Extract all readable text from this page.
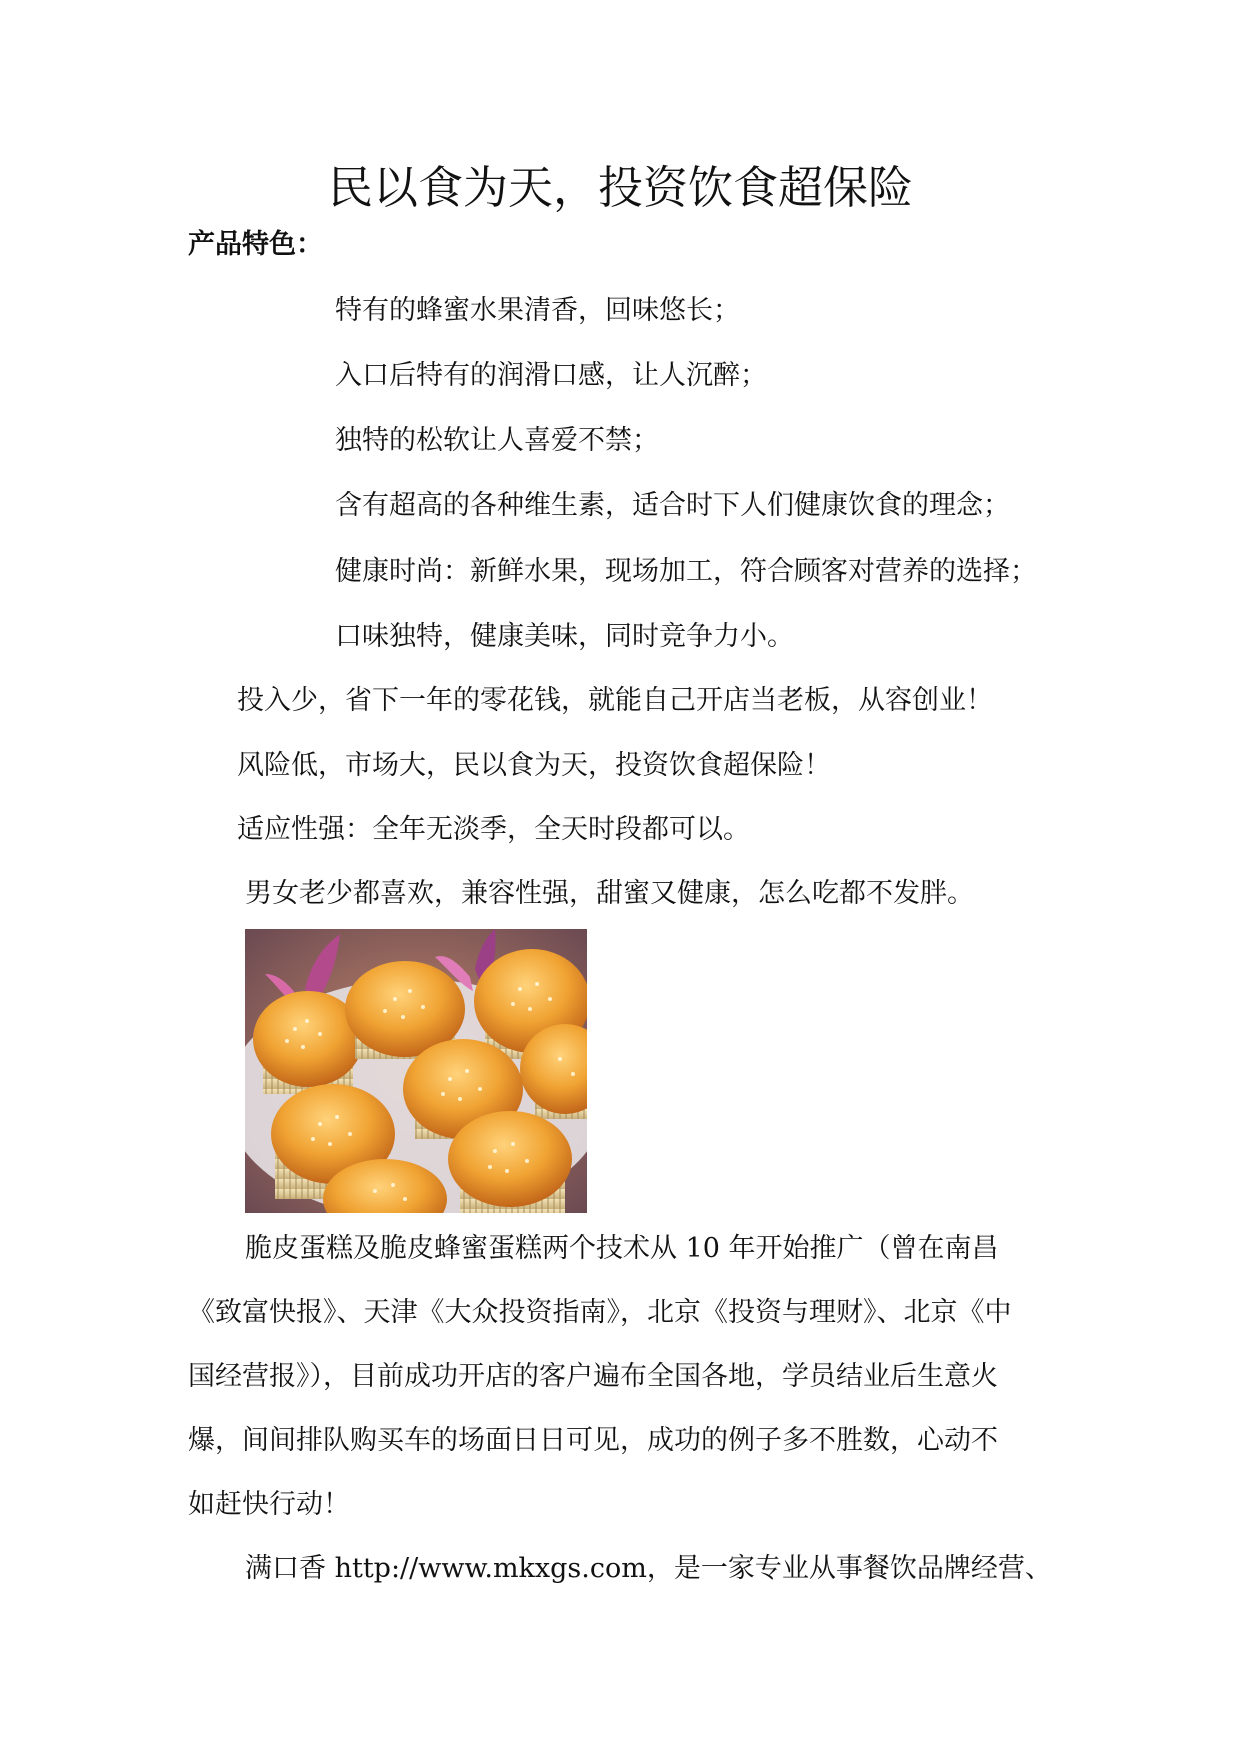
民以食为天，投资饮食超保险
产品特色：
特有的蜂蜜水果清香，回味悠长；
入口后特有的润滑口感，让人沉醉；
独特的松软让人喜爱不禁；
含有超高的各种维生素，适合时下人们健康饮食的理念；
健康时尚：新鲜水果，现场加工，符合顾客对营养的选择；
口味独特，健康美味，同时竞争力小。
投入少，省下一年的零花钱，就能自己开店当老板，从容创业！
风险低，市场大，民以食为天，投资饮食超保险！
适应性强：全年无淡季，全天时段都可以。
男女老少都喜欢，兼容性强，甜蜜又健康，怎么吃都不发胖。
脆皮蛋糕及脆皮蜂蜜蛋糕两个技术从 10 年开始推广（曾在南昌
《致富快报》、天津《大众投资指南》，北京《投资与理财》、北京《中
国经营报》），目前成功开店的客户遍布全国各地，学员结业后生意火
爆，间间排队购买车的场面日日可见，成功的例子多不胜数，心动不
如赶快行动！
满口香 http://www.mkxgs.com，是一家专业从事餐饮品牌经营、
